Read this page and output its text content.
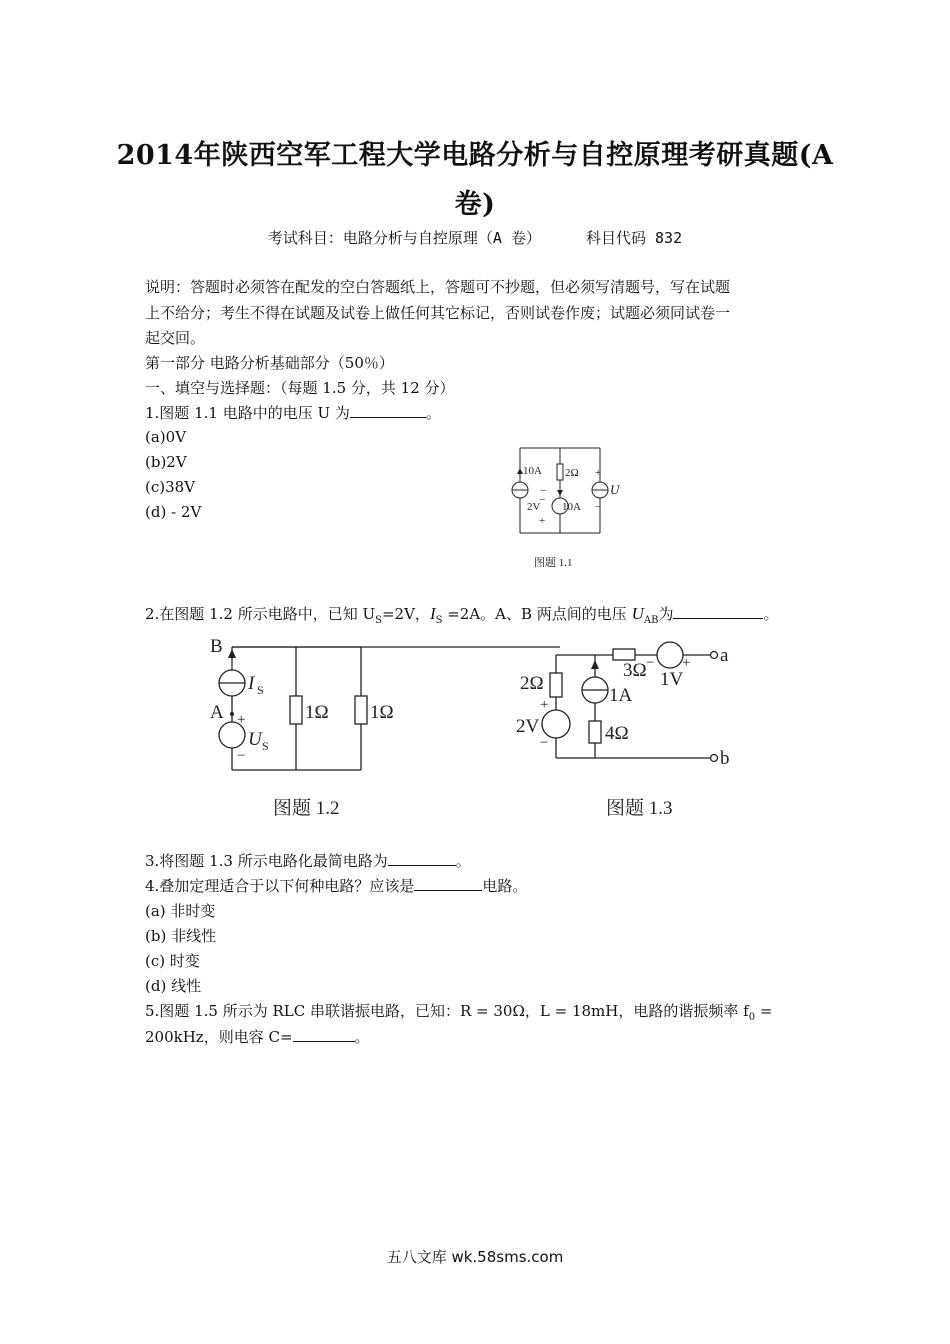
2014年陕西空军工程大学电路分析与自控原理考研真题(A
卷)
考试科目：电路分析与自控原理（A 卷）	科目代码 832
说明：答题时必须答在配发的空白答题纸上，答题可不抄题，但必须写清题号，写在试题
上不给分；考生不得在试题及试卷上做任何其它标记，否则试卷作废；试题必须同试卷一
起交回。
第一部分 电路分析基础部分（50％）
一、填空与选择题：（每题 1.5 分，共 12 分）
1.图题 1.1 电路中的电压 U 为	。
(a)0V
(b)2V
(c)38V
(d) - 2V
10A 2Ω
2V
−
+
10A
+
−
U
−
图题 1.1
2.在图题 1.2 所示电路中，已知 $U_S=2V$，$I_S =2A$。A、B 两点间的电压 $U_{AB}$为	。
B
A
I S
+
U S
−
1Ω 1Ω
图题 1.2
3Ω − +
1V
a
b
2Ω
+
2V
−
1A
4Ω
图题 1.3
3.将图题 1.3 所示电路化最简电路为	。
4.叠加定理适合于以下何种电路？应该是	电路。
(a) 非时变
(b) 非线性
(c) 时变
(d) 线性
5.图题 1.5 所示为 RLC 串联谐振电路，已知：R = 30Ω，L = 18mH，电路的谐振频率 $f_0$ =
200kHz，则电容 C=	。
五八文库 wk.58sms.com
